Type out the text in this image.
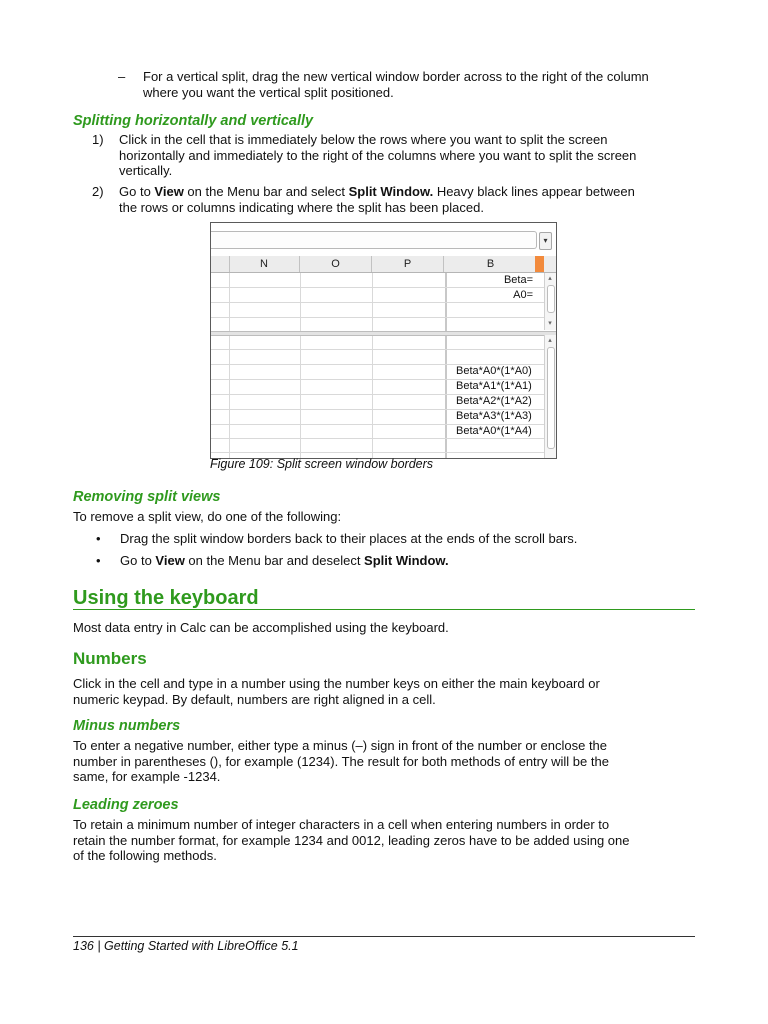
– For a vertical split, drag the new vertical window border across to the right of the column
where you want the vertical split positioned.
Splitting horizontally and vertically
1) Click in the cell that is immediately below the rows where you want to split the screen
horizontally and immediately to the right of the columns where you want to split the screen
vertically.
2) Go to View on the Menu bar and select Split Window. Heavy black lines appear between
the rows or columns indicating where the split has been placed.
▾
N	O	P	B
Beta=
A0=
Beta*A0*(1*A0)
Beta*A1*(1*A1)
Beta*A2*(1*A2)
Beta*A3*(1*A3)
Beta*A0*(1*A4)
▴
▾
▴
Figure 109: Split screen window borders
Removing split views
To remove a split view, do one of the following:
•	Drag the split window borders back to their places at the ends of the scroll bars.
•	Go to View on the Menu bar and deselect Split Window.
Using the keyboard
Most data entry in Calc can be accomplished using the keyboard.
Numbers
Click in the cell and type in a number using the number keys on either the main keyboard or
numeric keypad. By default, numbers are right aligned in a cell.
Minus numbers
To enter a negative number, either type a minus (–) sign in front of the number or enclose the
number in parentheses (), for example (1234). The result for both methods of entry will be the
same, for example -1234.
Leading zeroes
To retain a minimum number of integer characters in a cell when entering numbers in order to
retain the number format, for example 1234 and 0012, leading zeros have to be added using one
of the following methods.
136 | Getting Started with LibreOffice 5.1
